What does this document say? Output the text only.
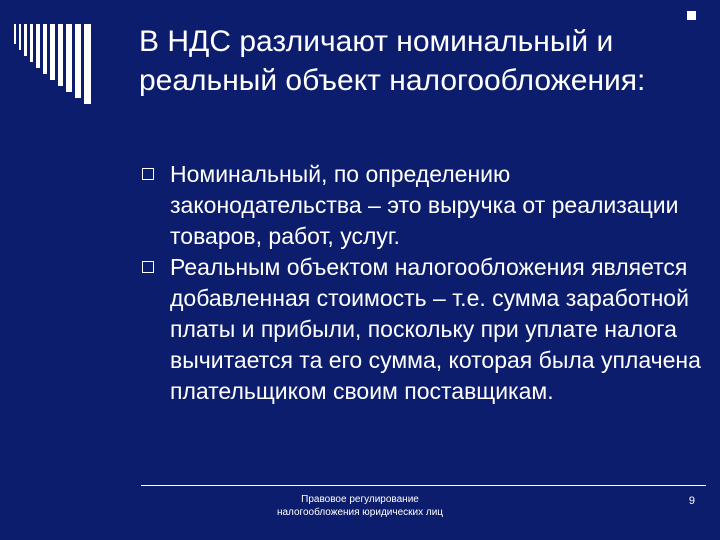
В НДС различают номинальный и реальный объект налогообложения:
Номинальный, по определению законодательства – это выручка от реализации товаров, работ, услуг.
Реальным объектом налогообложения является добавленная стоимость – т.е. сумма заработной платы и прибыли, поскольку при уплате налога вычитается та его сумма, которая была уплачена плательщиком своим поставщикам.
Правовое регулирование
налогообложения юридических лиц
9
